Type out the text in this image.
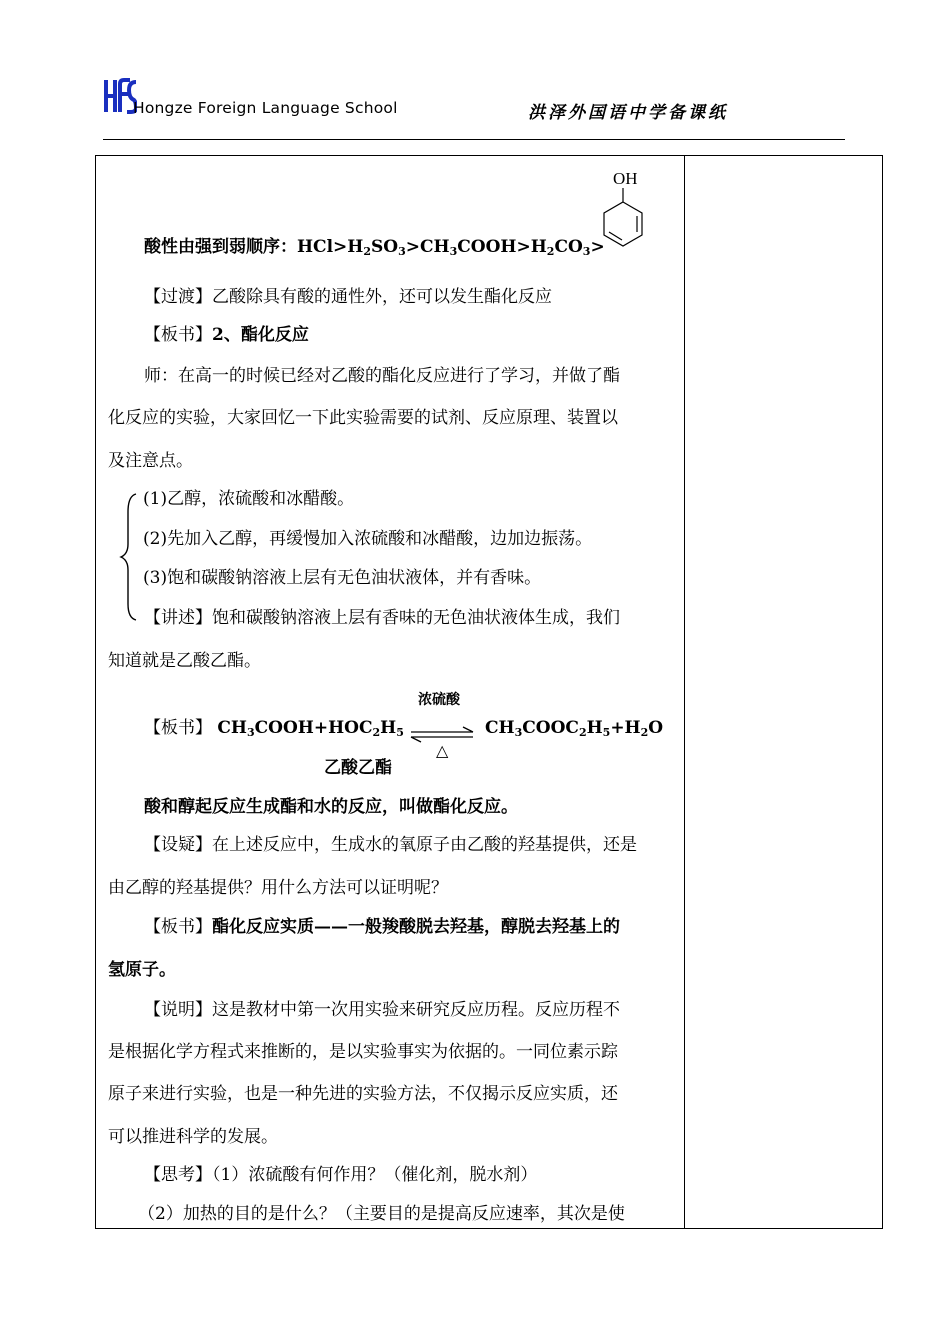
Hongze Foreign Language School	洪泽外国语中学备课纸
OH
酸性由强到弱顺序：$HCl>H_2SO_3>CH_3COOH>H_2CO_3>$
【过渡】乙酸除具有酸的通性外，还可以发生酯化反应
【板书】2、酯化反应
师：在高一的时候已经对乙酸的酯化反应进行了学习，并做了酯
化反应的实验，大家回忆一下此实验需要的试剂、反应原理、装置以
及注意点。
(1)乙醇，浓硫酸和冰醋酸。
(2)先加入乙醇，再缓慢加入浓硫酸和冰醋酸，边加边振荡。
(3)饱和碳酸钠溶液上层有无色油状液体，并有香味。
【讲述】饱和碳酸钠溶液上层有香味的无色油状液体生成，我们
知道就是乙酸乙酯。
浓硫酸
△
【板书】 $CH_3COOH+HOC_2H_5$	$CH_3COOC_2H_5+H_2O$
乙酸乙酯
酸和醇起反应生成酯和水的反应，叫做酯化反应。
【设疑】在上述反应中，生成水的氧原子由乙酸的羟基提供，还是
由乙醇的羟基提供？用什么方法可以证明呢？
【板书】酯化反应实质——一般羧酸脱去羟基，醇脱去羟基上的
氢原子。
【说明】这是教材中第一次用实验来研究反应历程。反应历程不
是根据化学方程式来推断的，是以实验事实为依据的。一同位素示踪
原子来进行实验，也是一种先进的实验方法，不仅揭示反应实质，还
可以推进科学的发展。
【思考】（1）浓硫酸有何作用？（催化剂，脱水剂）
（2）加热的目的是什么？（主要目的是提高反应速率，其次是使
